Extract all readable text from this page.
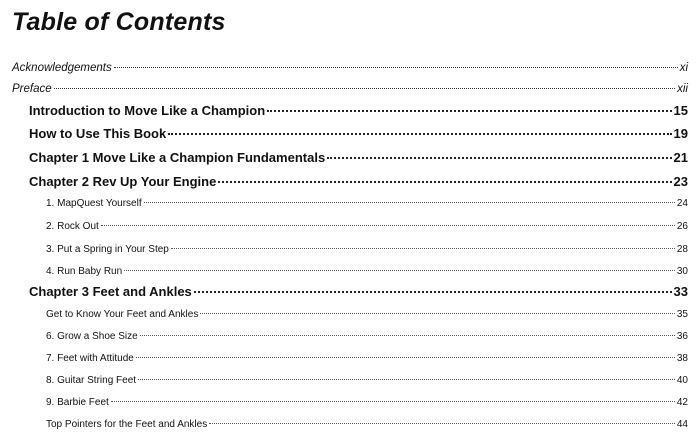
Table of Contents
Acknowledgements	xi
Preface	xii
Introduction to Move Like a Champion	15
How to Use This Book	19
Chapter 1 Move Like a Champion Fundamentals	21
Chapter 2 Rev Up Your Engine	23
1. MapQuest Yourself	24
2. Rock Out	26
3. Put a Spring in Your Step	28
4. Run Baby Run	30
Chapter 3 Feet and Ankles	33
Get to Know Your Feet and Ankles	35
6. Grow a Shoe Size	36
7. Feet with Attitude	38
8. Guitar String Feet	40
9. Barbie Feet	42
Top Pointers for the Feet and Ankles	44
